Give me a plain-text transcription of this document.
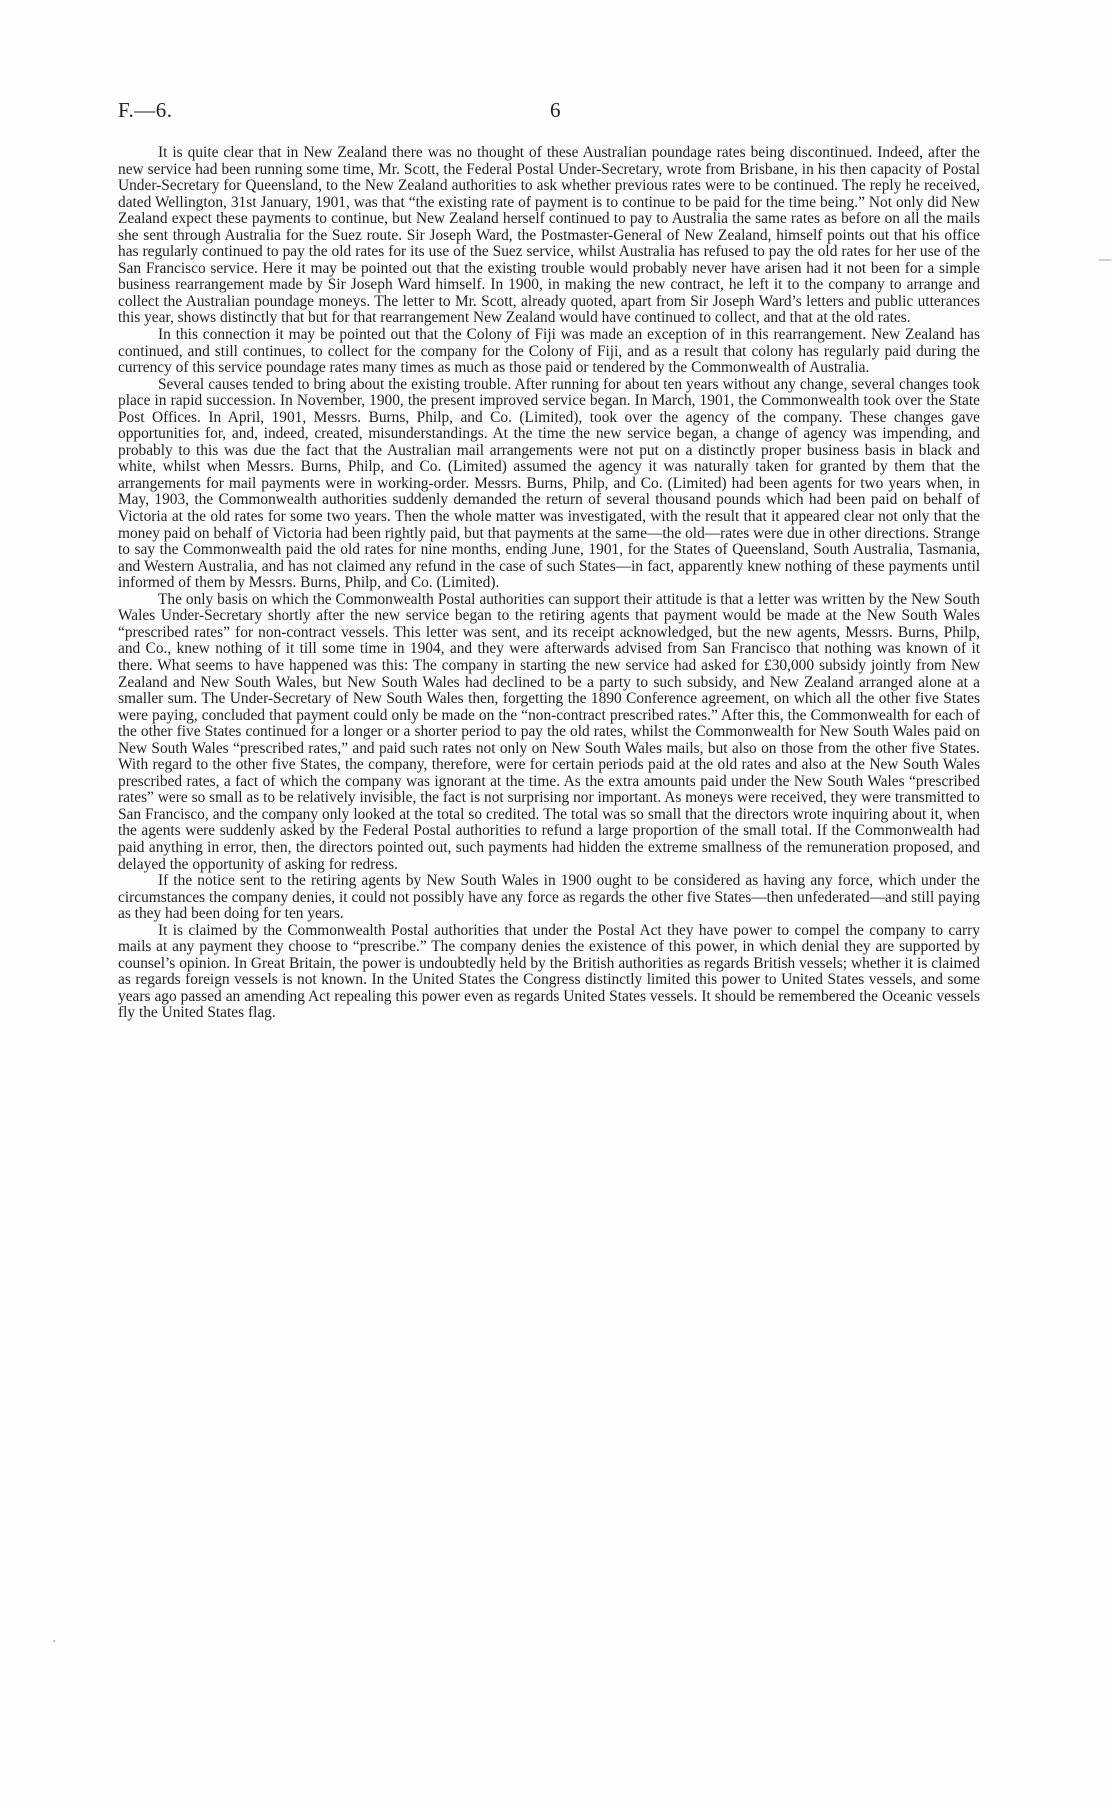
F.—6.	6

It is quite clear that in New Zealand there was no thought of these Australian poundage rates being discontinued. Indeed, after the new service had been running some time, Mr. Scott, the Federal Postal Under-Secretary, wrote from Brisbane, in his then capacity of Postal Under-Secretary for Queensland, to the New Zealand authorities to ask whether previous rates were to be continued. The reply he received, dated Wellington, 31st January, 1901, was that “the existing rate of payment is to continue to be paid for the time being.” Not only did New Zealand expect these payments to continue, but New Zealand herself continued to pay to Australia the same rates as before on all the mails she sent through Australia for the Suez route. Sir Joseph Ward, the Postmaster-General of New Zealand, himself points out that his office has regularly continued to pay the old rates for its use of the Suez service, whilst Australia has refused to pay the old rates for her use of the San Francisco service. Here it may be pointed out that the existing trouble would probably never have arisen had it not been for a simple business rearrangement made by Sir Joseph Ward himself. In 1900, in making the new contract, he left it to the company to arrange and collect the Australian poundage moneys. The letter to Mr. Scott, already quoted, apart from Sir Joseph Ward’s letters and public utterances this year, shows distinctly that but for that rearrangement New Zealand would have continued to collect, and that at the old rates.

In this connection it may be pointed out that the Colony of Fiji was made an exception of in this rearrangement. New Zealand has continued, and still continues, to collect for the company for the Colony of Fiji, and as a result that colony has regularly paid during the currency of this service poundage rates many times as much as those paid or tendered by the Commonwealth of Australia.

Several causes tended to bring about the existing trouble. After running for about ten years without any change, several changes took place in rapid succession. In November, 1900, the present improved service began. In March, 1901, the Commonwealth took over the State Post Offices. In April, 1901, Messrs. Burns, Philp, and Co. (Limited), took over the agency of the company. These changes gave opportunities for, and, indeed, created, misunderstandings. At the time the new service began, a change of agency was impending, and probably to this was due the fact that the Australian mail arrangements were not put on a distinctly proper business basis in black and white, whilst when Messrs. Burns, Philp, and Co. (Limited) assumed the agency it was naturally taken for granted by them that the arrangements for mail payments were in working-order. Messrs. Burns, Philp, and Co. (Limited) had been agents for two years when, in May, 1903, the Commonwealth authorities suddenly demanded the return of several thousand pounds which had been paid on behalf of Victoria at the old rates for some two years. Then the whole matter was investigated, with the result that it appeared clear not only that the money paid on behalf of Victoria had been rightly paid, but that payments at the same—the old—rates were due in other directions. Strange to say the Commonwealth paid the old rates for nine months, ending June, 1901, for the States of Queensland, South Australia, Tasmania, and Western Australia, and has not claimed any refund in the case of such States—in fact, apparently knew nothing of these payments until informed of them by Messrs. Burns, Philp, and Co. (Limited).

The only basis on which the Commonwealth Postal authorities can support their attitude is that a letter was written by the New South Wales Under-Secretary shortly after the new service began to the retiring agents that payment would be made at the New South Wales “prescribed rates” for non-contract vessels. This letter was sent, and its receipt acknowledged, but the new agents, Messrs. Burns, Philp, and Co., knew nothing of it till some time in 1904, and they were afterwards advised from San Francisco that nothing was known of it there. What seems to have happened was this: The company in starting the new service had asked for £30,000 subsidy jointly from New Zealand and New South Wales, but New South Wales had declined to be a party to such subsidy, and New Zealand arranged alone at a smaller sum. The Under-Secretary of New South Wales then, forgetting the 1890 Conference agreement, on which all the other five States were paying, concluded that payment could only be made on the “non-contract prescribed rates.” After this, the Commonwealth for each of the other five States continued for a longer or a shorter period to pay the old rates, whilst the Commonwealth for New South Wales paid on New South Wales “prescribed rates,” and paid such rates not only on New South Wales mails, but also on those from the other five States. With regard to the other five States, the company, therefore, were for certain periods paid at the old rates and also at the New South Wales prescribed rates, a fact of which the company was ignorant at the time. As the extra amounts paid under the New South Wales “prescribed rates” were so small as to be relatively invisible, the fact is not surprising nor important. As moneys were received, they were transmitted to San Francisco, and the company only looked at the total so credited. The total was so small that the directors wrote inquiring about it, when the agents were suddenly asked by the Federal Postal authorities to refund a large proportion of the small total. If the Commonwealth had paid anything in error, then, the directors pointed out, such payments had hidden the extreme smallness of the remuneration proposed, and delayed the opportunity of asking for redress.

If the notice sent to the retiring agents by New South Wales in 1900 ought to be considered as having any force, which under the circumstances the company denies, it could not possibly have any force as regards the other five States—then unfederated—and still paying as they had been doing for ten years.

It is claimed by the Commonwealth Postal authorities that under the Postal Act they have power to compel the company to carry mails at any payment they choose to “prescribe.” The company denies the existence of this power, in which denial they are supported by counsel’s opinion. In Great Britain, the power is undoubtedly held by the British authorities as regards British vessels; whether it is claimed as regards foreign vessels is not known. In the United States the Congress distinctly limited this power to United States vessels, and some years ago passed an amending Act repealing this power even as regards United States vessels. It should be remembered the Oceanic vessels fly the United States flag.

—
·
